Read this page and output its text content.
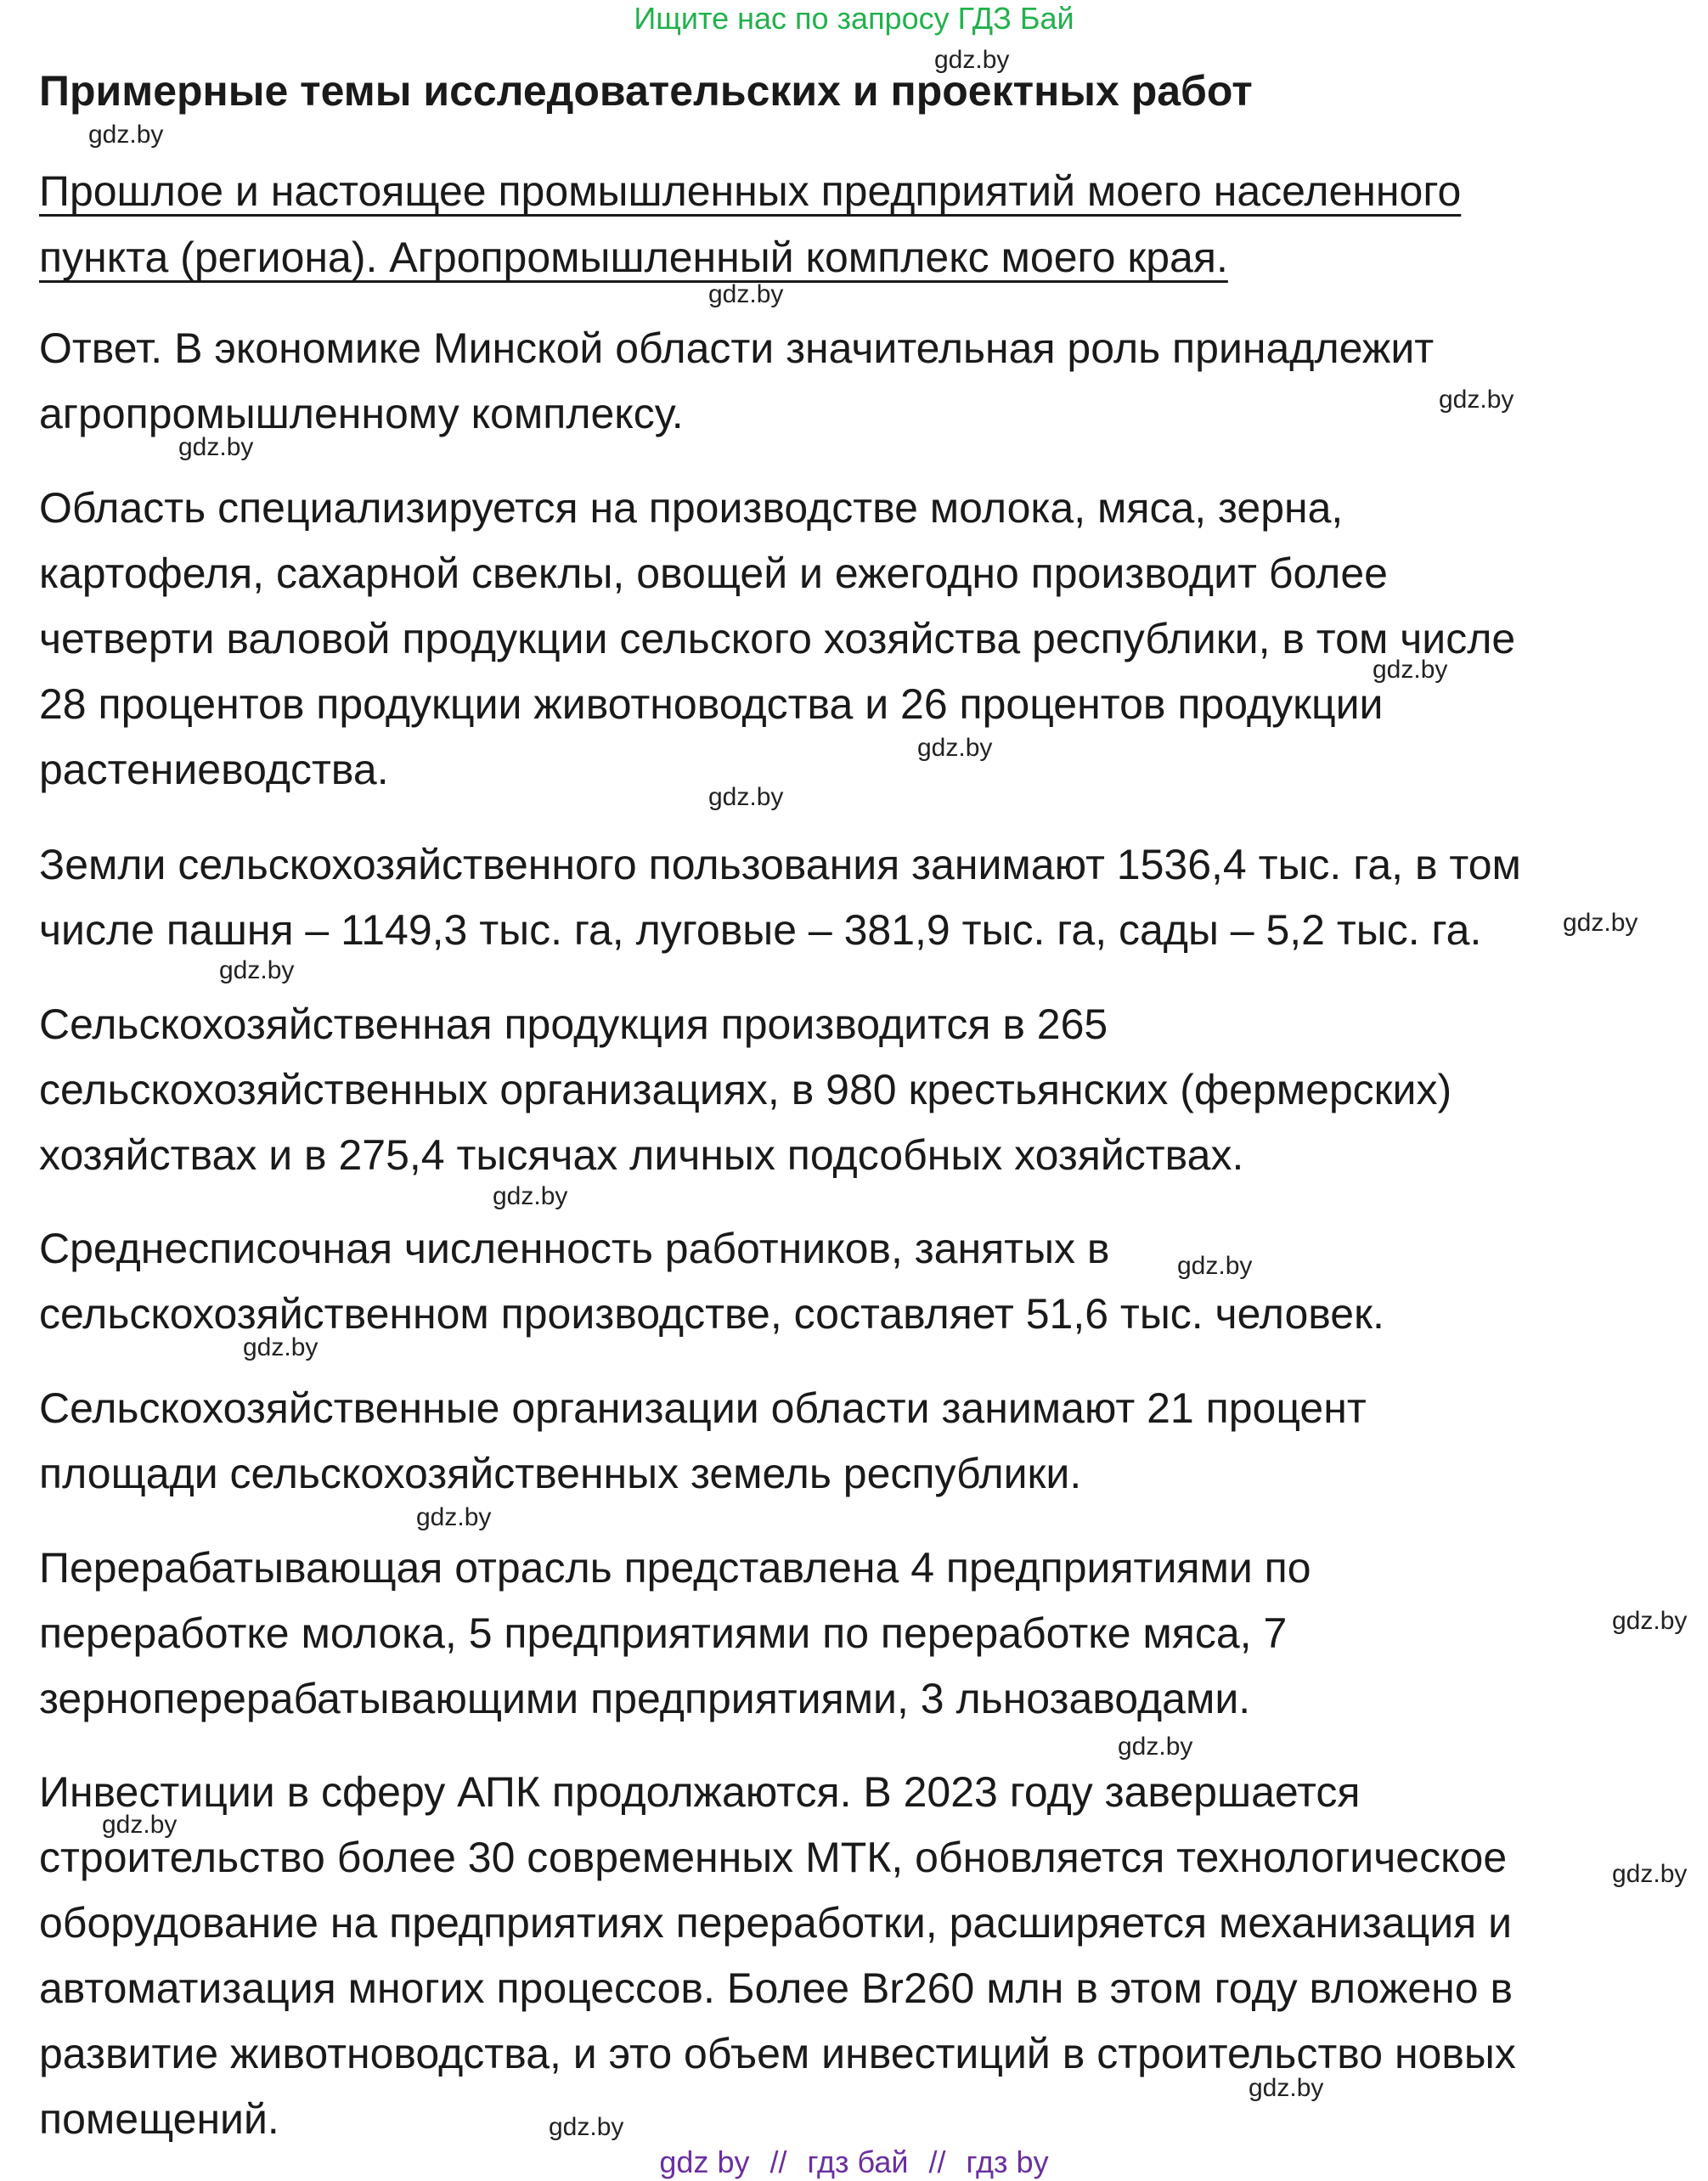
Ищите нас по запросу ГДЗ Бай
Примерные темы исследовательских и проектных работ
Прошлое и настоящее промышленных предприятий моего населенного
пункта (региона). Агропромышленный комплекс моего края.
Ответ. В экономике Минской области значительная роль принадлежит
агропромышленному комплексу.
Область специализируется на производстве молока, мяса, зерна,
картофеля, сахарной свеклы, овощей и ежегодно производит более
четверти валовой продукции сельского хозяйства республики, в том числе
28 процентов продукции животноводства и 26 процентов продукции
растениеводства.
Земли сельскохозяйственного пользования занимают 1536,4 тыс. га, в том
числе пашня – 1149,3 тыс. га, луговые – 381,9 тыс. га, сады – 5,2 тыс. га.
Сельскохозяйственная продукция производится в 265
сельскохозяйственных организациях, в 980 крестьянских (фермерских)
хозяйствах и в 275,4 тысячах личных подсобных хозяйствах.
Среднесписочная численность работников, занятых в
сельскохозяйственном производстве, составляет 51,6 тыс. человек.
Сельскохозяйственные организации области занимают 21 процент
площади сельскохозяйственных земель республики.
Перерабатывающая отрасль представлена 4 предприятиями по
переработке молока, 5 предприятиями по переработке мяса, 7
зерноперерабатывающими предприятиями, 3 льнозаводами.
Инвестиции в сферу АПК продолжаются. В 2023 году завершается
строительство более 30 современных МТК, обновляется технологическое
оборудование на предприятиях переработки, расширяется механизация и
автоматизация многих процессов. Более Br260 млн в этом году вложено в
развитие животноводства, и это объем инвестиций в строительство новых
помещений.
gdz.by
gdz.by
gdz.by
gdz.by
gdz.by
gdz.by
gdz.by
gdz.by
gdz.by
gdz.by
gdz.by
gdz.by
gdz.by
gdz.by
gdz.by
gdz.by
gdz.by
gdz.by
gdz.by
gdz.by
gdz by // гдз бай // гдз by
